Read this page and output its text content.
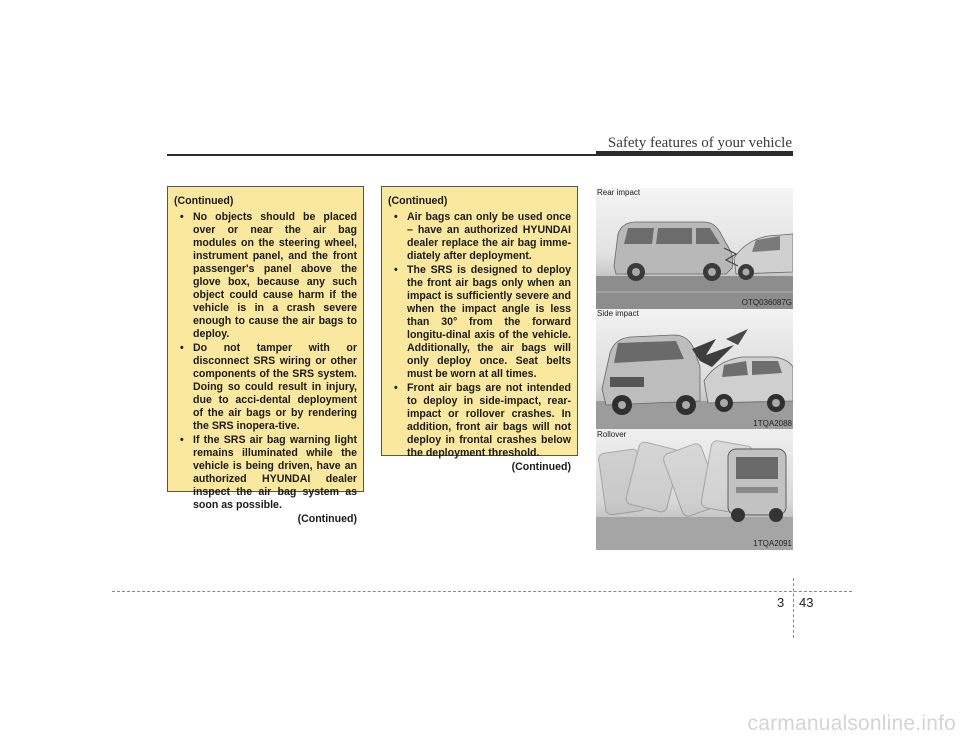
Safety features of your vehicle
(Continued)
• No objects should be placed over or near the air bag modules on the steering wheel, instrument panel, and the front passenger's panel above the glove box, because any such object could cause harm if the vehicle is in a crash severe enough to cause the air bags to deploy.
• Do not tamper with or disconnect SRS wiring or other components of the SRS system. Doing so could result in injury, due to acci-dental deployment of the air bags or by rendering the SRS inopera-tive.
• If the SRS air bag warning light remains illuminated while the vehicle is being driven, have an authorized HYUNDAI dealer inspect the air bag system as soon as possible.
(Continued)
(Continued)
• Air bags can only be used once – have an authorized HYUNDAI dealer replace the air bag imme-diately after deployment.
• The SRS is designed to deploy the front air bags only when an impact is sufficiently severe and when the impact angle is less than 30° from the forward longitu-dinal axis of the vehicle. Additionally, the air bags will only deploy once. Seat belts must be worn at all times.
• Front air bags are not intended to deploy in side-impact, rear-impact or rollover crashes. In addition, front air bags will not deploy in frontal crashes below the deployment threshold.
(Continued)
Rear impact
OTQ036087G
Side impact
1TQA2088
Rollover
1TQA2091
3 43
carmanualsonline.info
